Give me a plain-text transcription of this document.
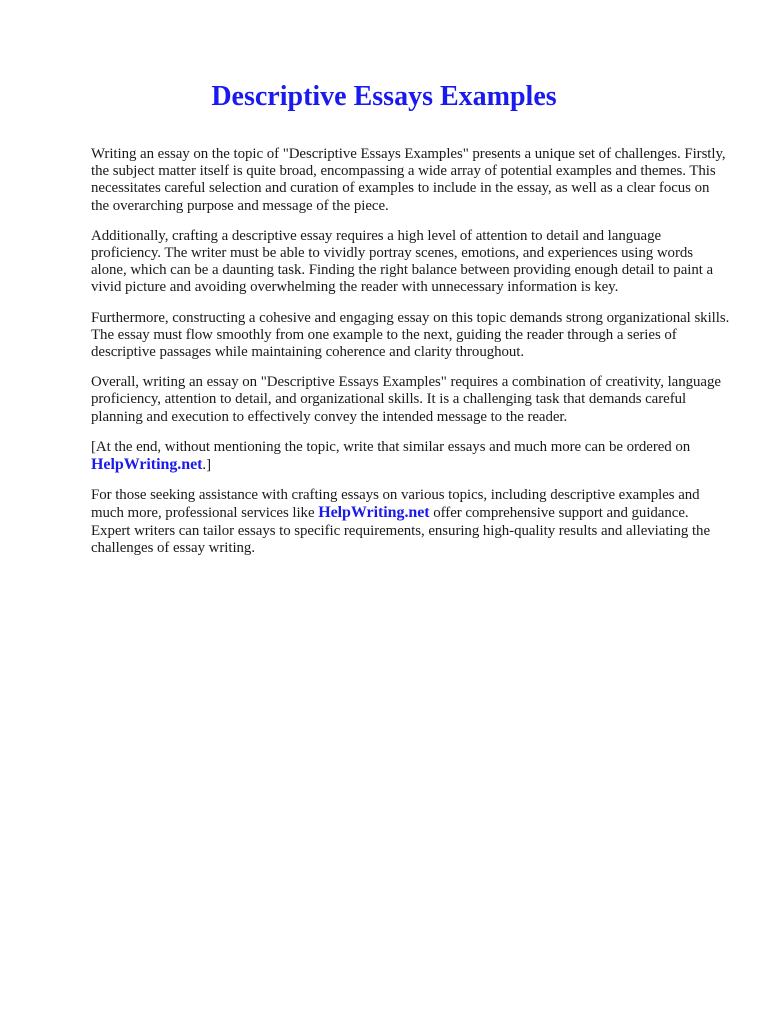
Descriptive Essays Examples

Writing an essay on the topic of "Descriptive Essays Examples" presents a unique set of challenges. Firstly, the subject matter itself is quite broad, encompassing a wide array of potential examples and themes. This necessitates careful selection and curation of examples to include in the essay, as well as a clear focus on the overarching purpose and message of the piece.

Additionally, crafting a descriptive essay requires a high level of attention to detail and language proficiency. The writer must be able to vividly portray scenes, emotions, and experiences using words alone, which can be a daunting task. Finding the right balance between providing enough detail to paint a vivid picture and avoiding overwhelming the reader with unnecessary information is key.

Furthermore, constructing a cohesive and engaging essay on this topic demands strong organizational skills. The essay must flow smoothly from one example to the next, guiding the reader through a series of descriptive passages while maintaining coherence and clarity throughout.

Overall, writing an essay on "Descriptive Essays Examples" requires a combination of creativity, language proficiency, attention to detail, and organizational skills. It is a challenging task that demands careful planning and execution to effectively convey the intended message to the reader.

[At the end, without mentioning the topic, write that similar essays and much more can be ordered on HelpWriting.net.]

For those seeking assistance with crafting essays on various topics, including descriptive examples and much more, professional services like HelpWriting.net offer comprehensive support and guidance. Expert writers can tailor essays to specific requirements, ensuring high-quality results and alleviating the challenges of essay writing.
